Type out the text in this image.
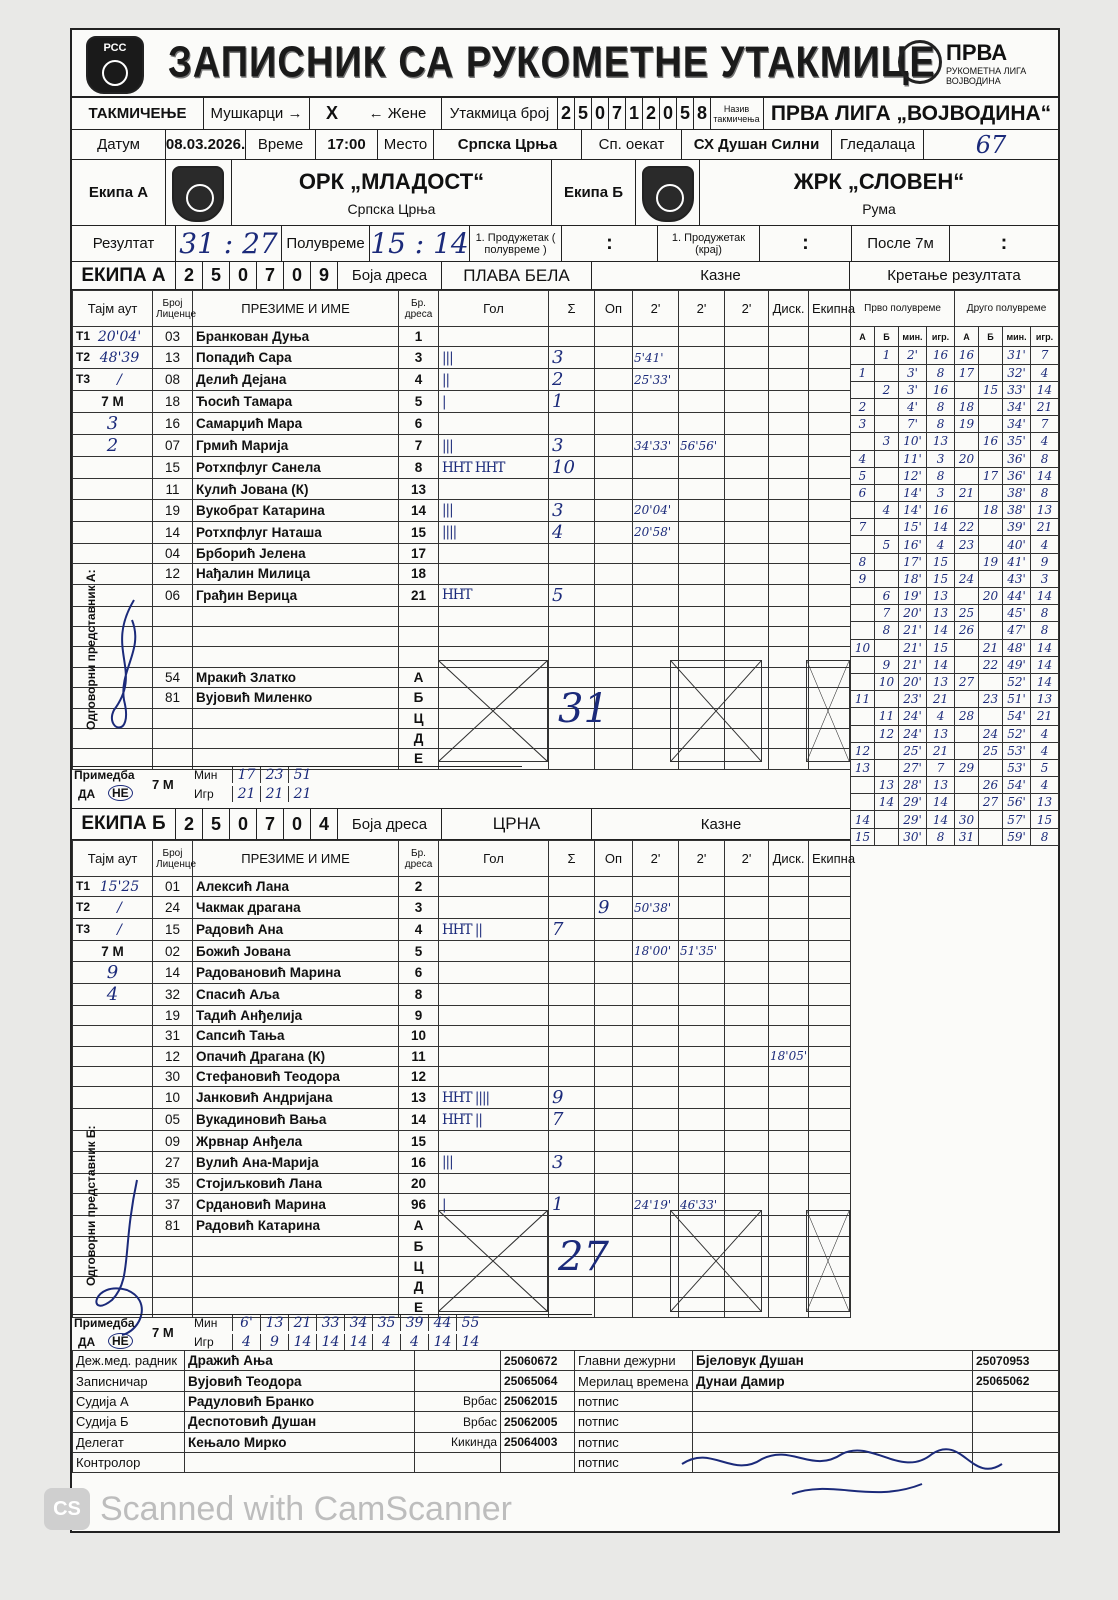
РСС	ЗАПИСНИК СА РУКОМЕТНЕ УТАКМИЦЕ ПРВА
РУКОМЕТНА ЛИГА ВОЈВОДИНА
ТАКМИЧЕЊЕ	Мушкарци →	X	← Жене	Утакмица број 2 5 0 7 1 2 0 5 8	Назив такмичења ПРВА ЛИГА „ВОЈВОДИНА“
Датум	08.03.2026. Време	17:00	Место	Српска Црња	Сп. оекат	СХ Душан Силни	Гледалаца	67
Екипа А	ОРК „МЛАДОСТ“
Српска Црња
Екипа Б	ЖРК „СЛОВЕН“
Рума
Резултат 31 : 27 Полувреме 15 : 14 1. Продужетак ( полувреме )	:	1. Продужетак (крај)	:	После 7м	:
ЕКИПА А	2 5 0 7 0 9	Боја дреса	ПЛАВА БЕЛА	Казне	Кретање резултата
Тајм аут	Број Лиценце	ПРЕЗИМЕ И ИМЕ	Бр. дреса	Гол	Σ	Оп	2'	2'	2'	Диск.	Екипна

Т1 20'04'	03	Бранковaн Дуња	1								

Т2 48'39	13	Попадић Сара	3	|||	3		5'41'				

Т3 /	08	Делић Дејана	4	||	2		25'33'				
7 М	18	Ћосић Тамара	5	|	1						
3	16	Самарџић Мара	6								
2	07	Грмић Марија	7	|||	3		34'33'	56'56'			
	15	Ротхпфлуг Санела	8	HHT HHT	10						
	11	Кулић Јована (К)	13								
	19	Вукобрат Катарина	14	|||	3		20'04'				
	14	Ротхпфлуг Наташа	15	||||	4		20'58'				
	04	Брборић Јелена	17								
	12	Нађалин Милица	18								
	06	Грађин Верица	21	HHT	5						

	54	Мракић Златко	А								
	81	Вујовић Миленко	Б								
			Ц								
			Д								
			Е								
Прво полувреме				Друго полувреме			
А	Б	мин.	игр.	А	Б	мин.	игр.
	1	2'	16	16		31'	7
1		3'	8	17		32'	4
	2	3'	16		15	33'	14
2		4'	8	18		34'	21
3		7'	8	19		34'	7
	3	10'	13		16	35'	4
4		11'	3	20		36'	8
5		12'	8		17	36'	14
6		14'	3	21		38'	8
	4	14'	16		18	38'	13
7		15'	14	22		39'	21
	5	16'	4	23		40'	4
8		17'	15		19	41'	9
9		18'	15	24		43'	3
	6	19'	13		20	44'	14
	7	20'	13	25		45'	8
	8	21'	14	26		47'	8
10		21'	15		21	48'	14
	9	21'	14		22	49'	14
	10	20'	13	27		52'	14
11		23'	21		23	51'	13
	11	24'	4	28		54'	21
	12	24'	13		24	52'	4
12		25'	21		25	53'	4
13		27'	7	29		53'	5
	13	28'	13		26	54'	4
	14	29'	14		27	56'	13
14		29'	14	30		57'	15
15		30'	8	31		59'	8
ЕКИПА Б	2 5 0 7 0 4	Боја дреса	ЦРНА	Казне
Тајм аут	Број Лиценце	ПРЕЗИМЕ И ИМЕ	Бр. дреса	Гол	Σ	Оп	2'	2'	2'	Диск.	Екипна

Т1 15'25	01	Алексић Лана	2								

Т2 /	24	Чакмак драгана	3			9	50'38'				

Т3 /	15	Радовић Ана	4	HHT ||	7						
7 М	02	Божић Јована	5				18'00'	51'35'			
9	14	Радовановић Марина	6								
4	32	Спасић Аља	8								
	19	Тадић Анђелија	9								
	31	Сапсић Тања	10								
	12	Опачић Драгана (К)	11							18'05'	
	30	Стефановић Теодора	12								
	10	Јанковић Андријана	13	HHT ||||	9						
	05	Вукадиновић Вања	14	HHT ||	7						
	09	Жрвнар Анђела	15								
	27	Вулић Ана-Марија	16	|||	3						
	35	Стојиљковић Лана	20								
	37	Срдановић Марина	96	|	1		24'19'	46'33'			
	81	Радовић Катарина	А								
			Б								
			Ц								
			Д								
			Е								
Деж.мед. радник	Дражић Ања		25060672	Главни дежурни	Бјеловук Душан	25070953
Записничар	Вујовић Теодора		25065064	Мерилац времена	Дунаи Дамир	25065062
Судија А	Радуловић Бранко	Врбас	25062015	потпис		
Судија Б	Деспотовић Душан	Врбас	25062005	потпис		
Делегат	Кењало Мирко	Кикинда	25064003	потпис		
Контролор				потпис		
Одговорни представник А:
Одговорни представник Б:
31
27
Примедба
ДА	НЕ
7 М
Мин
Игр
17 23 51
21 21 21
Примедба
ДА	НЕ
7 М
Мин
Игр
6' 13 21 33 34 35 39 44 55
4	9	14 14 14	4	4	14 14
CS Scanned with CamScanner
